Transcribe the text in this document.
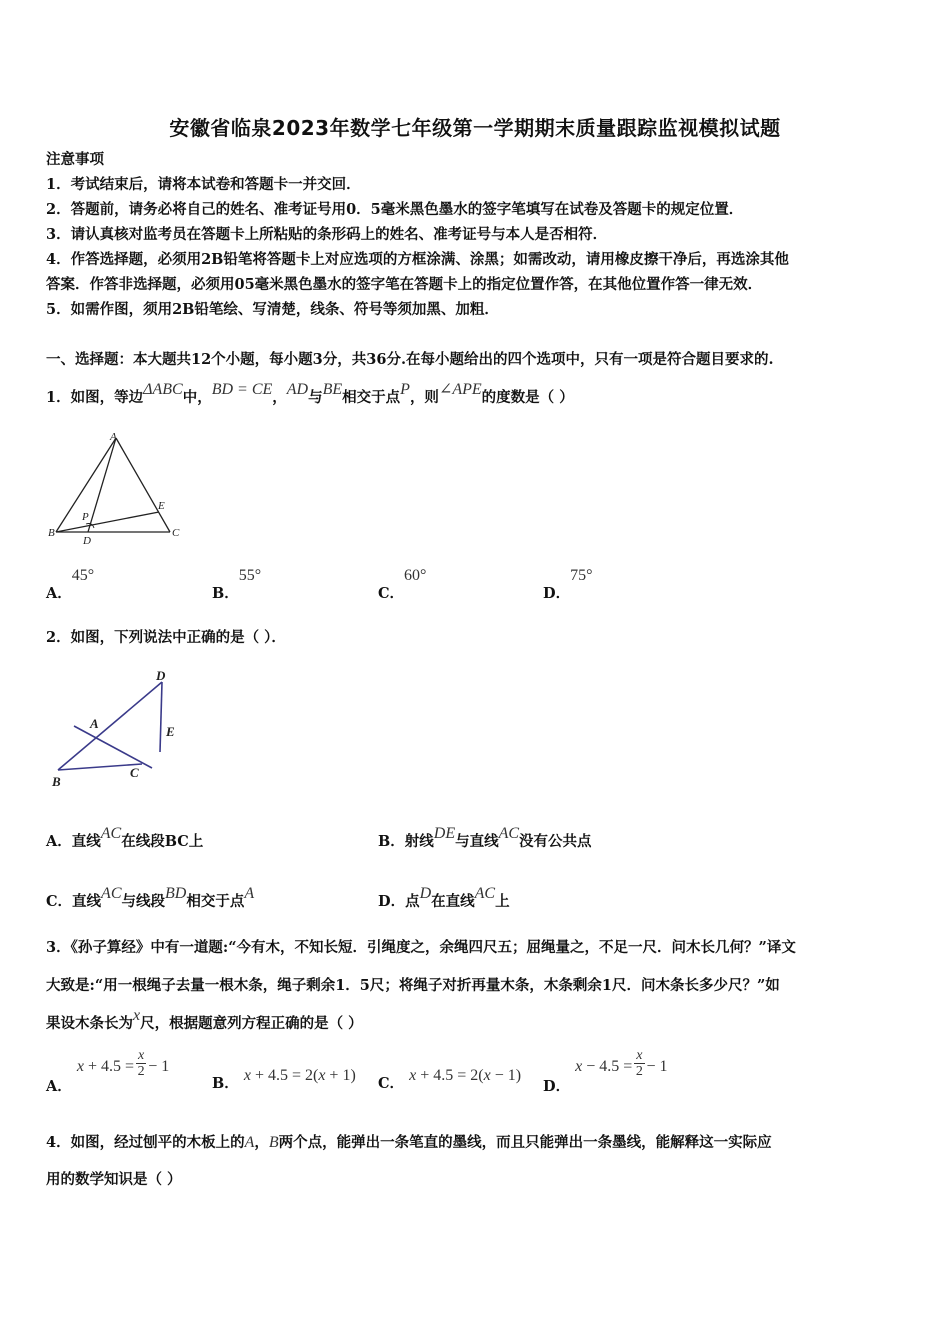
安徽省临泉2023年数学七年级第一学期期末质量跟踪监视模拟试题
注意事项
1．考试结束后，请将本试卷和答题卡一并交回．
2．答题前，请务必将自己的姓名、准考证号用0．5毫米黑色墨水的签字笔填写在试卷及答题卡的规定位置．
3．请认真核对监考员在答题卡上所粘贴的条形码上的姓名、准考证号与本人是否相符．
4．作答选择题，必须用2B铅笔将答题卡上对应选项的方框涂满、涂黑；如需改动，请用橡皮擦干净后，再选涂其他
答案．作答非选择题，必须用05毫米黑色墨水的签字笔在答题卡上的指定位置作答，在其他位置作答一律无效．
5．如需作图，须用2B铅笔绘、写清楚，线条、符号等须加黑、加粗．
一、选择题：本大题共12个小题，每小题3分，共36分.在每小题给出的四个选项中，只有一项是符合题目要求的.
1．如图，等边ΔABC中，BD = CE，AD与BE相交于点P，则∠APE的度数是（ ）
A
B	C
D
E
P
A．45°
B．55°
C．60°
D．75°
2．如图，下列说法中正确的是（ ）．
D
A
E
B
C
A．直线AC在线段BC上	B．射线DE与直线AC没有公共点
C．直线AC与线段BD相交于点A	D．点D在直线AC上
3．《孙子算经》中有一道题:“今有木，不知长短．引绳度之，余绳四尺五；屈绳量之，不足一尺．问木长几何？”译文
大致是:“用一根绳子去量一根木条，绳子剩余1．5尺；将绳子对折再量木条，木条剩余1尺．问木条长多少尺？”如
果设木条长为x尺，根据题意列方程正确的是（ ）
A． $x + 4.5 = \frac{x}{2} - 1$
B． x + 4.5 = 2(x + 1) C． x + 4.5 = 2(x − 1)
D． $x - 4.5 = \frac{x}{2} - 1$
4．如图，经过刨平的木板上的A，B两个点，能弹出一条笔直的墨线，而且只能弹出一条墨线，能解释这一实际应
用的数学知识是（ ）
